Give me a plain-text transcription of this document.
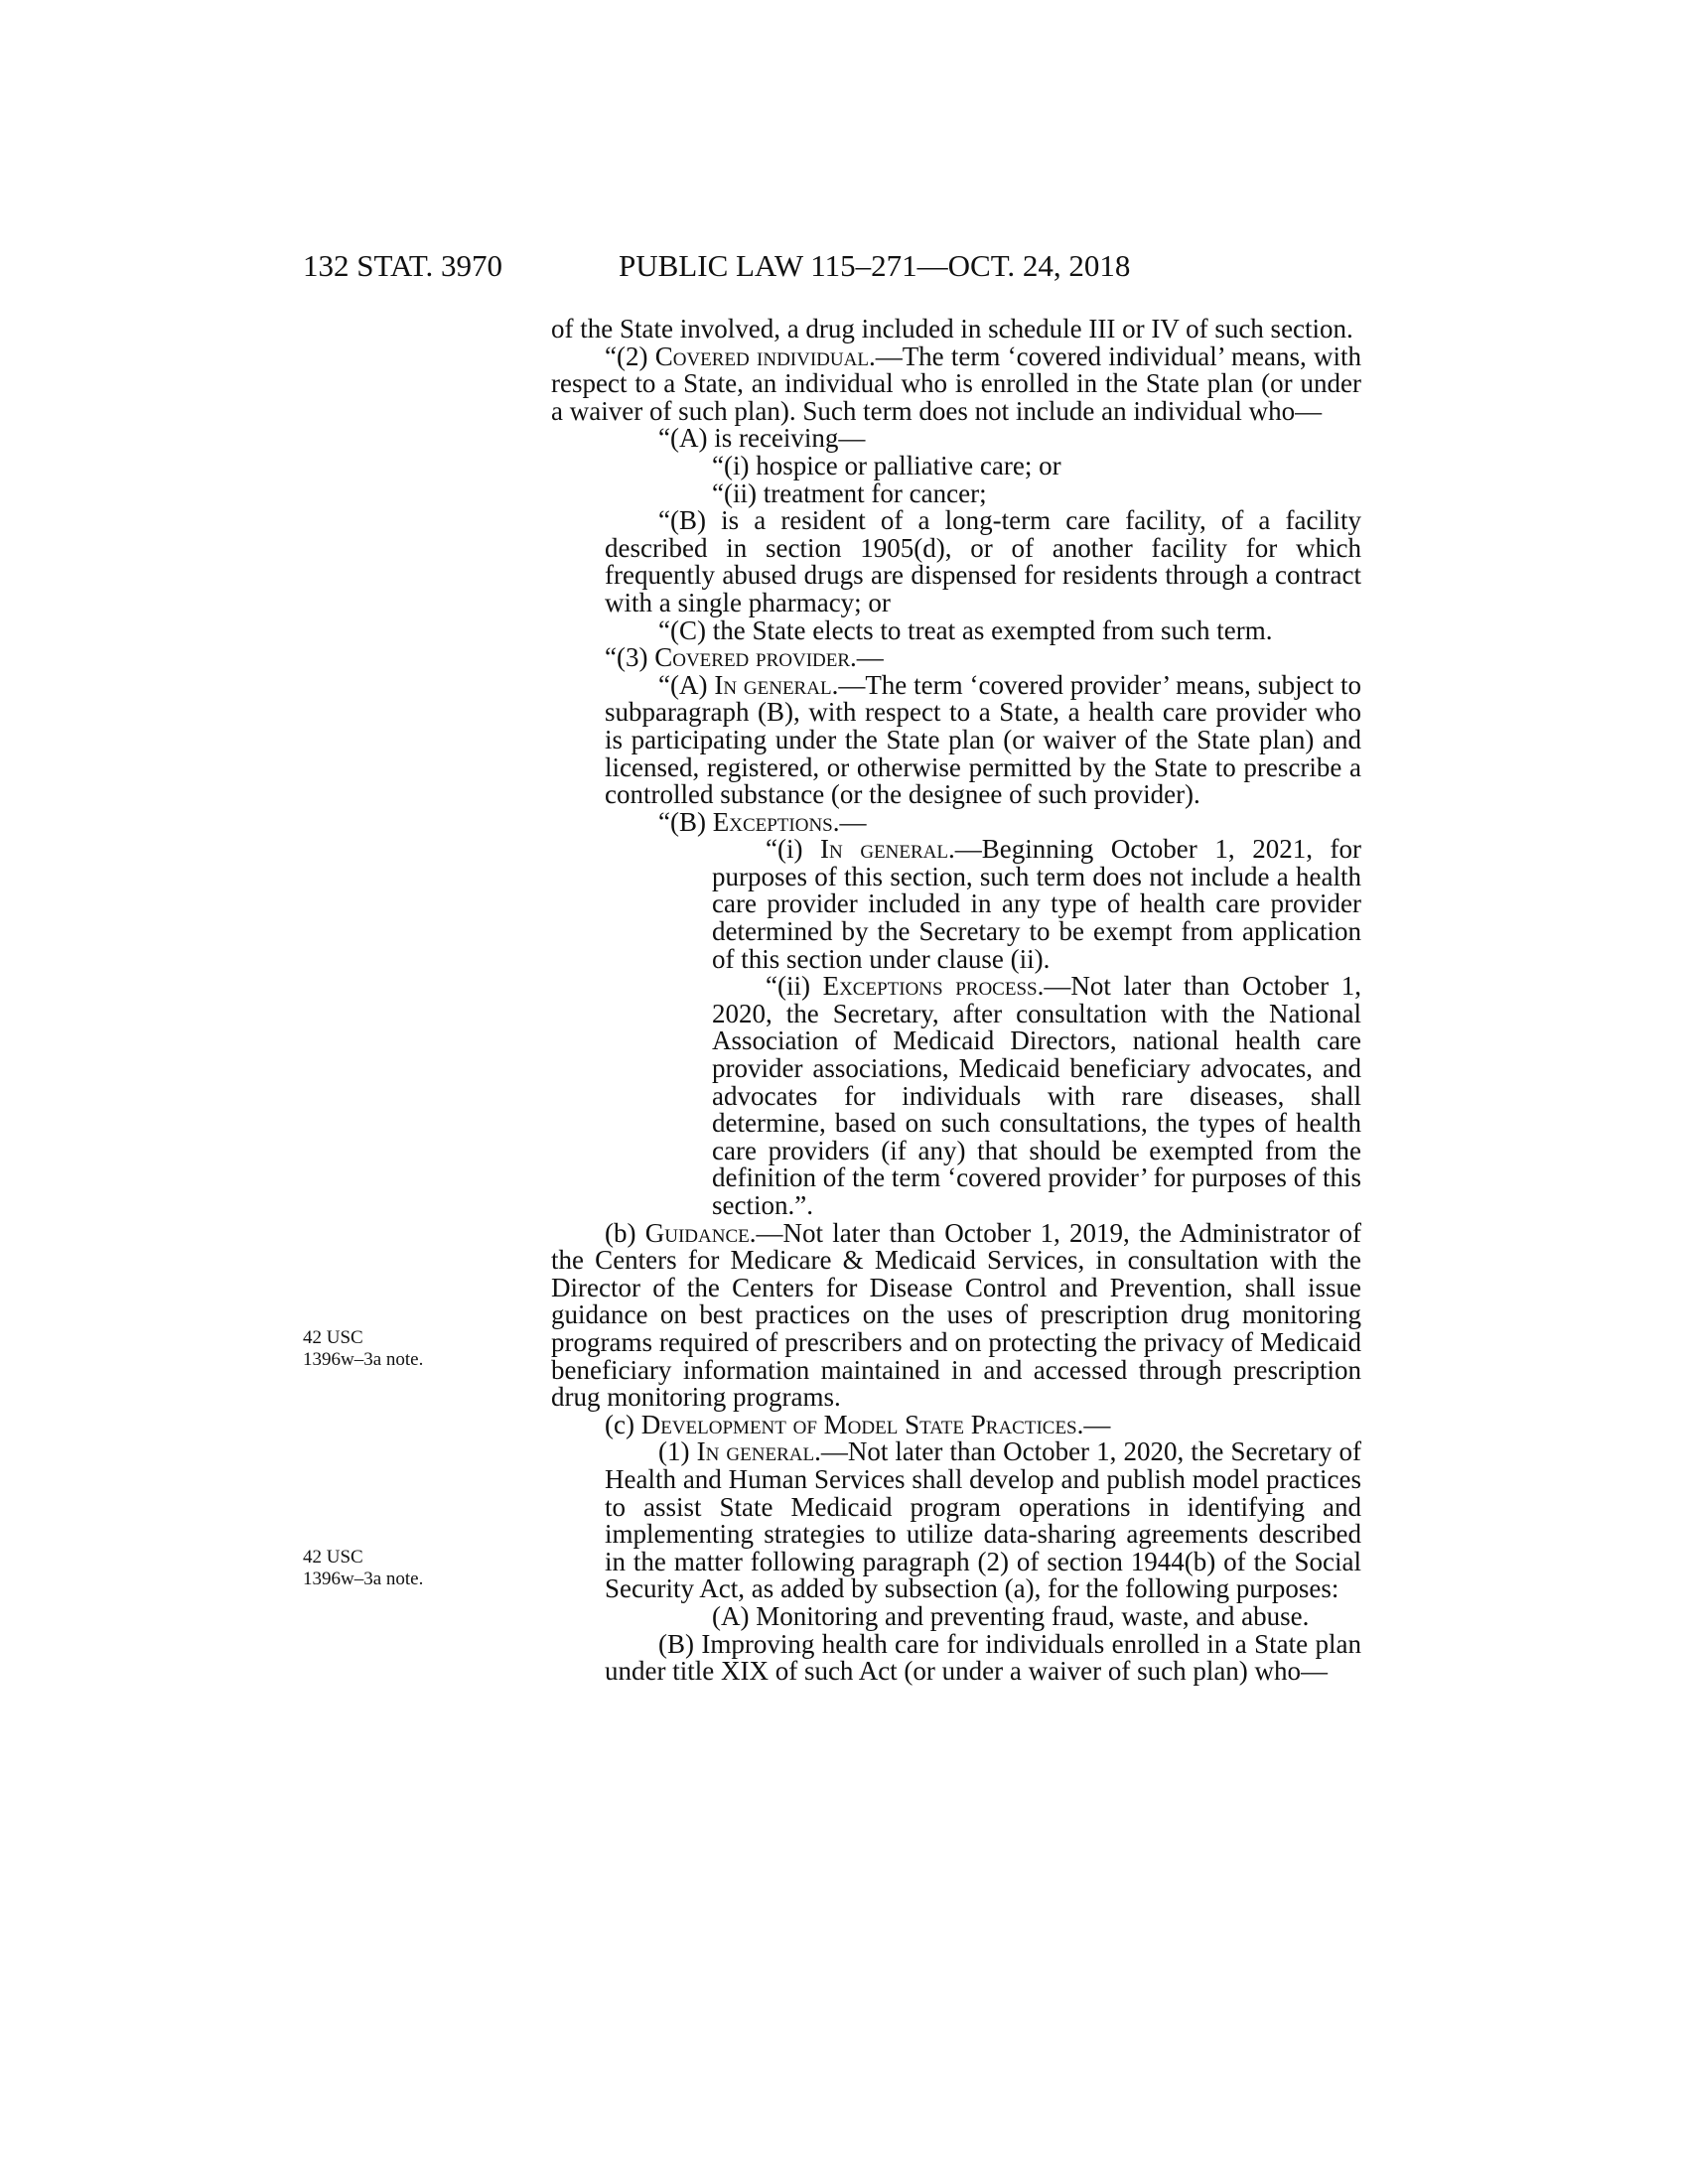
132 STAT. 3970	PUBLIC LAW 115–271—OCT. 24, 2018
42 USC
1396w–3a note.
42 USC
1396w–3a note.

of the State involved, a drug included in schedule III or IV of such section.

“(2) Covered individual.—The term ‘covered individual’ means, with respect to a State, an individual who is enrolled in the State plan (or under a waiver of such plan). Such term does not include an individual who—

“(A) is receiving—

“(i) hospice or palliative care; or

“(ii) treatment for cancer;

“(B) is a resident of a long-term care facility, of a facility described in section 1905(d), or of another facility for which frequently abused drugs are dispensed for residents through a contract with a single pharmacy; or

“(C) the State elects to treat as exempted from such term.

“(3) Covered provider.—

“(A) In general.—The term ‘covered provider’ means, subject to subparagraph (B), with respect to a State, a health care provider who is participating under the State plan (or waiver of the State plan) and licensed, registered, or otherwise permitted by the State to prescribe a controlled substance (or the designee of such provider).

“(B) Exceptions.—

“(i) In general.—Beginning October 1, 2021, for purposes of this section, such term does not include a health care provider included in any type of health care provider determined by the Secretary to be exempt from application of this section under clause (ii).

“(ii) Exceptions process.—Not later than October 1, 2020, the Secretary, after consultation with the National Association of Medicaid Directors, national health care provider associations, Medicaid beneficiary advocates, and advocates for individuals with rare diseases, shall determine, based on such consultations, the types of health care providers (if any) that should be exempted from the definition of the term ‘covered provider’ for purposes of this section.”.

(b) Guidance.—Not later than October 1, 2019, the Administrator of the Centers for Medicare & Medicaid Services, in consultation with the Director of the Centers for Disease Control and Prevention, shall issue guidance on best practices on the uses of prescription drug monitoring programs required of prescribers and on protecting the privacy of Medicaid beneficiary information maintained in and accessed through prescription drug monitoring programs.

(c) Development of Model State Practices.—

(1) In general.—Not later than October 1, 2020, the Secretary of Health and Human Services shall develop and publish model practices to assist State Medicaid program operations in identifying and implementing strategies to utilize data-sharing agreements described in the matter following paragraph (2) of section 1944(b) of the Social Security Act, as added by subsection (a), for the following purposes:

(A) Monitoring and preventing fraud, waste, and abuse.

(B) Improving health care for individuals enrolled in a State plan under title XIX of such Act (or under a waiver of such plan) who—
